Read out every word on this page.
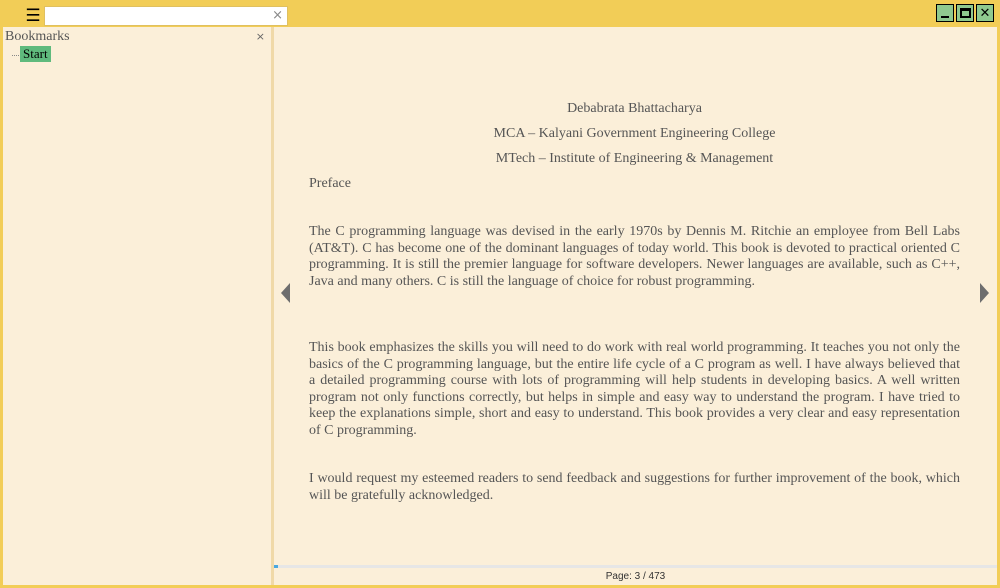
☰	×	✕
Bookmarks	×
Start
Debabrata Bhattacharya
MCA – Kalyani Government Engineering College
MTech – Institute of Engineering & Management
Preface
The C programming language was devised in the early 1970s by Dennis M. Ritchie an employee from Bell Labs (AT&T). C has become one of the dominant languages of today world. This book is devoted to practical oriented C programming. It is still the premier language for software developers. Newer languages are available, such as C++, Java and many others. C is still the language of choice for robust programming.
This book emphasizes the skills you will need to do work with real world programming. It teaches you not only the basics of the C programming language, but the entire life cycle of a C program as well. I have always believed that a detailed programming course with lots of programming will help students in developing basics. A well written program not only functions correctly, but helps in simple and easy way to understand the program. I have tried to keep the explanations simple, short and easy to understand. This book provides a very clear and easy representation of C programming.
I would request my esteemed readers to send feedback and suggestions for further improvement of the book, which will be gratefully acknowledged.
Page: 3 / 473
